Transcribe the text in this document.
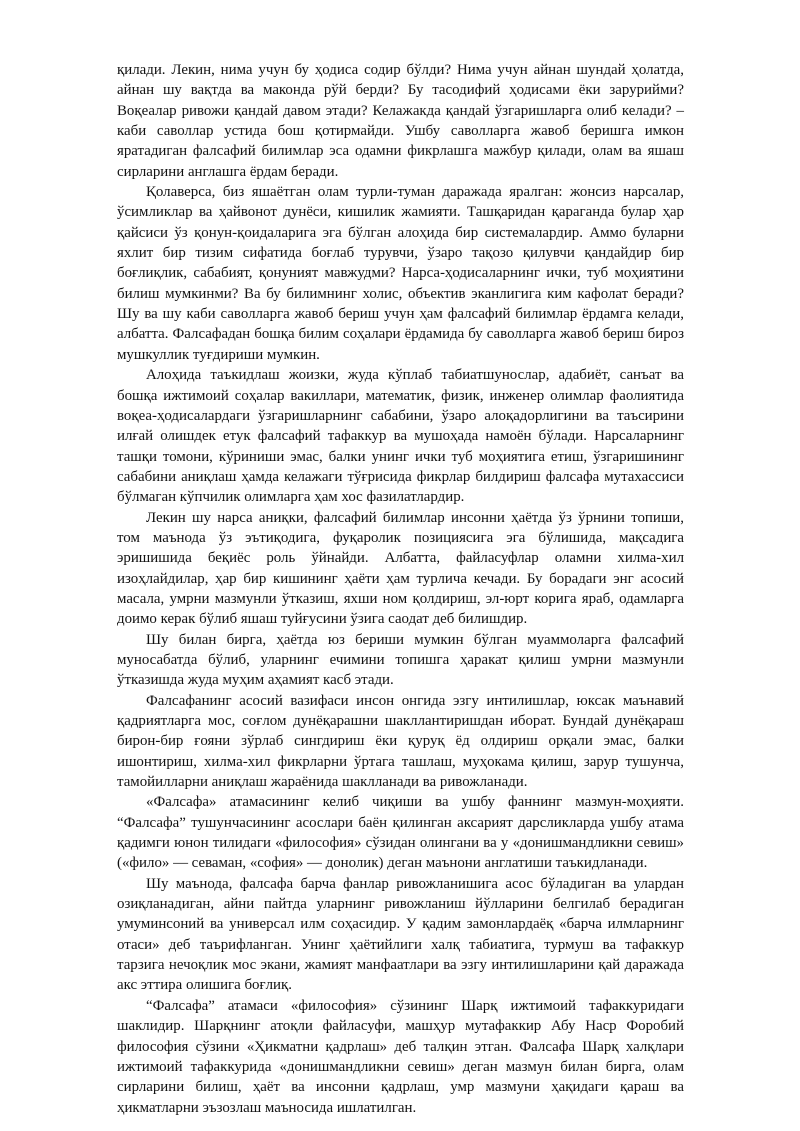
қилади. Лекин, нима учун бу ҳодиса содир бўлди? Нима учун айнан шундай ҳолатда, айнан шу вақтда ва маконда рўй берди? Бу тасодифий ҳодисами ёки зарурийми? Воқеалар ривожи қандай давом этади? Келажакда қандай ўзгаришларга олиб келади? – каби саволлар устида бош қотирмайди. Ушбу саволларга жавоб беришга имкон яратадиган фалсафий билимлар эса одамни фикрлашга мажбур қилади, олам ва яшаш сирларини англашга ёрдам беради.

Қолаверса, биз яшаётган олам турли-туман даражада яралган: жонсиз нарсалар, ўсимликлар ва ҳайвонот дунёси, кишилик жамияти. Ташқаридан қараганда булар ҳар қайсиси ўз қонун-қоидаларига эга бўлган алоҳида бир системалардир. Аммо буларни яхлит бир тизим сифатида боғлаб турувчи, ўзаро тақозо қилувчи қандайдир бир боғлиқлик, сабабият, қонуният мавжудми? Нарса-ҳодисаларнинг ички, туб моҳиятини билиш мумкинми? Ва бу билимнинг холис, объектив эканлигига ким кафолат беради? Шу ва шу каби саволларга жавоб бериш учун ҳам фалсафий билимлар ёрдамга келади, албатта. Фалсафадан бошқа билим соҳалари ёрдамида бу саволларга жавоб бериш бироз мушкуллик туғдириши мумкин.

Алоҳида таъкидлаш жоизки, жуда кўплаб табиатшунослар, адабиёт, санъат ва бошқа ижтимоий соҳалар вакиллари, математик, физик, инженер олимлар фаолиятида воқеа-ҳодисалардаги ўзгаришларнинг сабабини, ўзаро алоқадорлигини ва таъсирини илғай олишдек етук фалсафий тафаккур ва мушоҳада намоён бўлади. Нарсаларнинг ташқи томони, кўриниши эмас, балки унинг ички туб моҳиятига етиш, ўзгаришининг сабабини аниқлаш ҳамда келажаги тўғрисида фикрлар билдириш фалсафа мутахассиси бўлмаган кўпчилик олимларга ҳам хос фазилатлардир.

Лекин шу нарса аниқки, фалсафий билимлар инсонни ҳаётда ўз ўрнини топиши, том маънода ўз эътиқодига, фуқаролик позициясига эга бўлишида, мақсадига эришишида беқиёс роль ўйнайди. Албатта, файласуфлар оламни хилма-хил изоҳлайдилар, ҳар бир кишининг ҳаёти ҳам турлича кечади. Бу борадаги энг асосий масала, умрни мазмунли ўтказиш, яхши ном қолдириш, эл-юрт корига яраб, одамларга доимо керак бўлиб яшаш туйғусини ўзига саодат деб билишдир.

Шу билан бирга, ҳаётда юз бериши мумкин бўлган муаммоларга фалсафий муносабатда бўлиб, уларнинг ечимини топишга ҳаракат қилиш умрни мазмунли ўтказишда жуда муҳим аҳамият касб этади.

Фалсафанинг асосий вазифаси инсон онгида эзгу интилишлар, юксак маънавий қадриятларга мос, соғлом дунёқарашни шакллантиришдан иборат. Бундай дунёқараш бирон-бир ғояни зўрлаб сингдириш ёки қуруқ ёд олдириш орқали эмас, балки ишонтириш, хилма-хил фикрларни ўртага ташлаш, муҳокама қилиш, зарур тушунча, тамойилларни аниқлаш жараёнида шаклланади ва ривожланади.

«Фалсафа» атамасининг келиб чиқиши ва ушбу фаннинг мазмун-моҳияти. “Фалсафа” тушунчасининг асослари баён қилинган аксарият дарсликларда ушбу атама қадимги юнон тилидаги «философия» сўзидан олингани ва у «донишмандликни севиш» («фило» — севаман, «софия» — донолик) деган маънони англатиши таъкидланади.

Шу маънода, фалсафа барча фанлар ривожланишига асос бўладиган ва улардан озиқланадиган, айни пайтда уларнинг ривожланиш йўлларини белгилаб берадиган умуминсоний ва универсал илм соҳасидир. У қадим замонлардаёқ «барча илмларнинг отаси» деб таърифланган. Унинг ҳаётийлиги халқ табиатига, турмуш ва тафаккур тарзига нечоқлик мос экани, жамият манфаатлари ва эзгу интилишларини қай даражада акс эттира олишига боғлиқ.

“Фалсафа” атамаси «философия» сўзининг Шарқ ижтимоий тафаккуридаги шаклидир. Шарқнинг атоқли файласуфи, машҳур мутафаккир Абу Наср Форобий философия сўзини «Ҳикматни қадрлаш» деб талқин этган. Фалсафа Шарқ халқлари ижтимоий тафаккурида «донишмандликни севиш» деган мазмун билан бирга, олам сирларини билиш, ҳаёт ва инсонни қадрлаш, умр мазмуни ҳақидаги қараш ва ҳикматларни эъзозлаш маъносида ишлатилган.
